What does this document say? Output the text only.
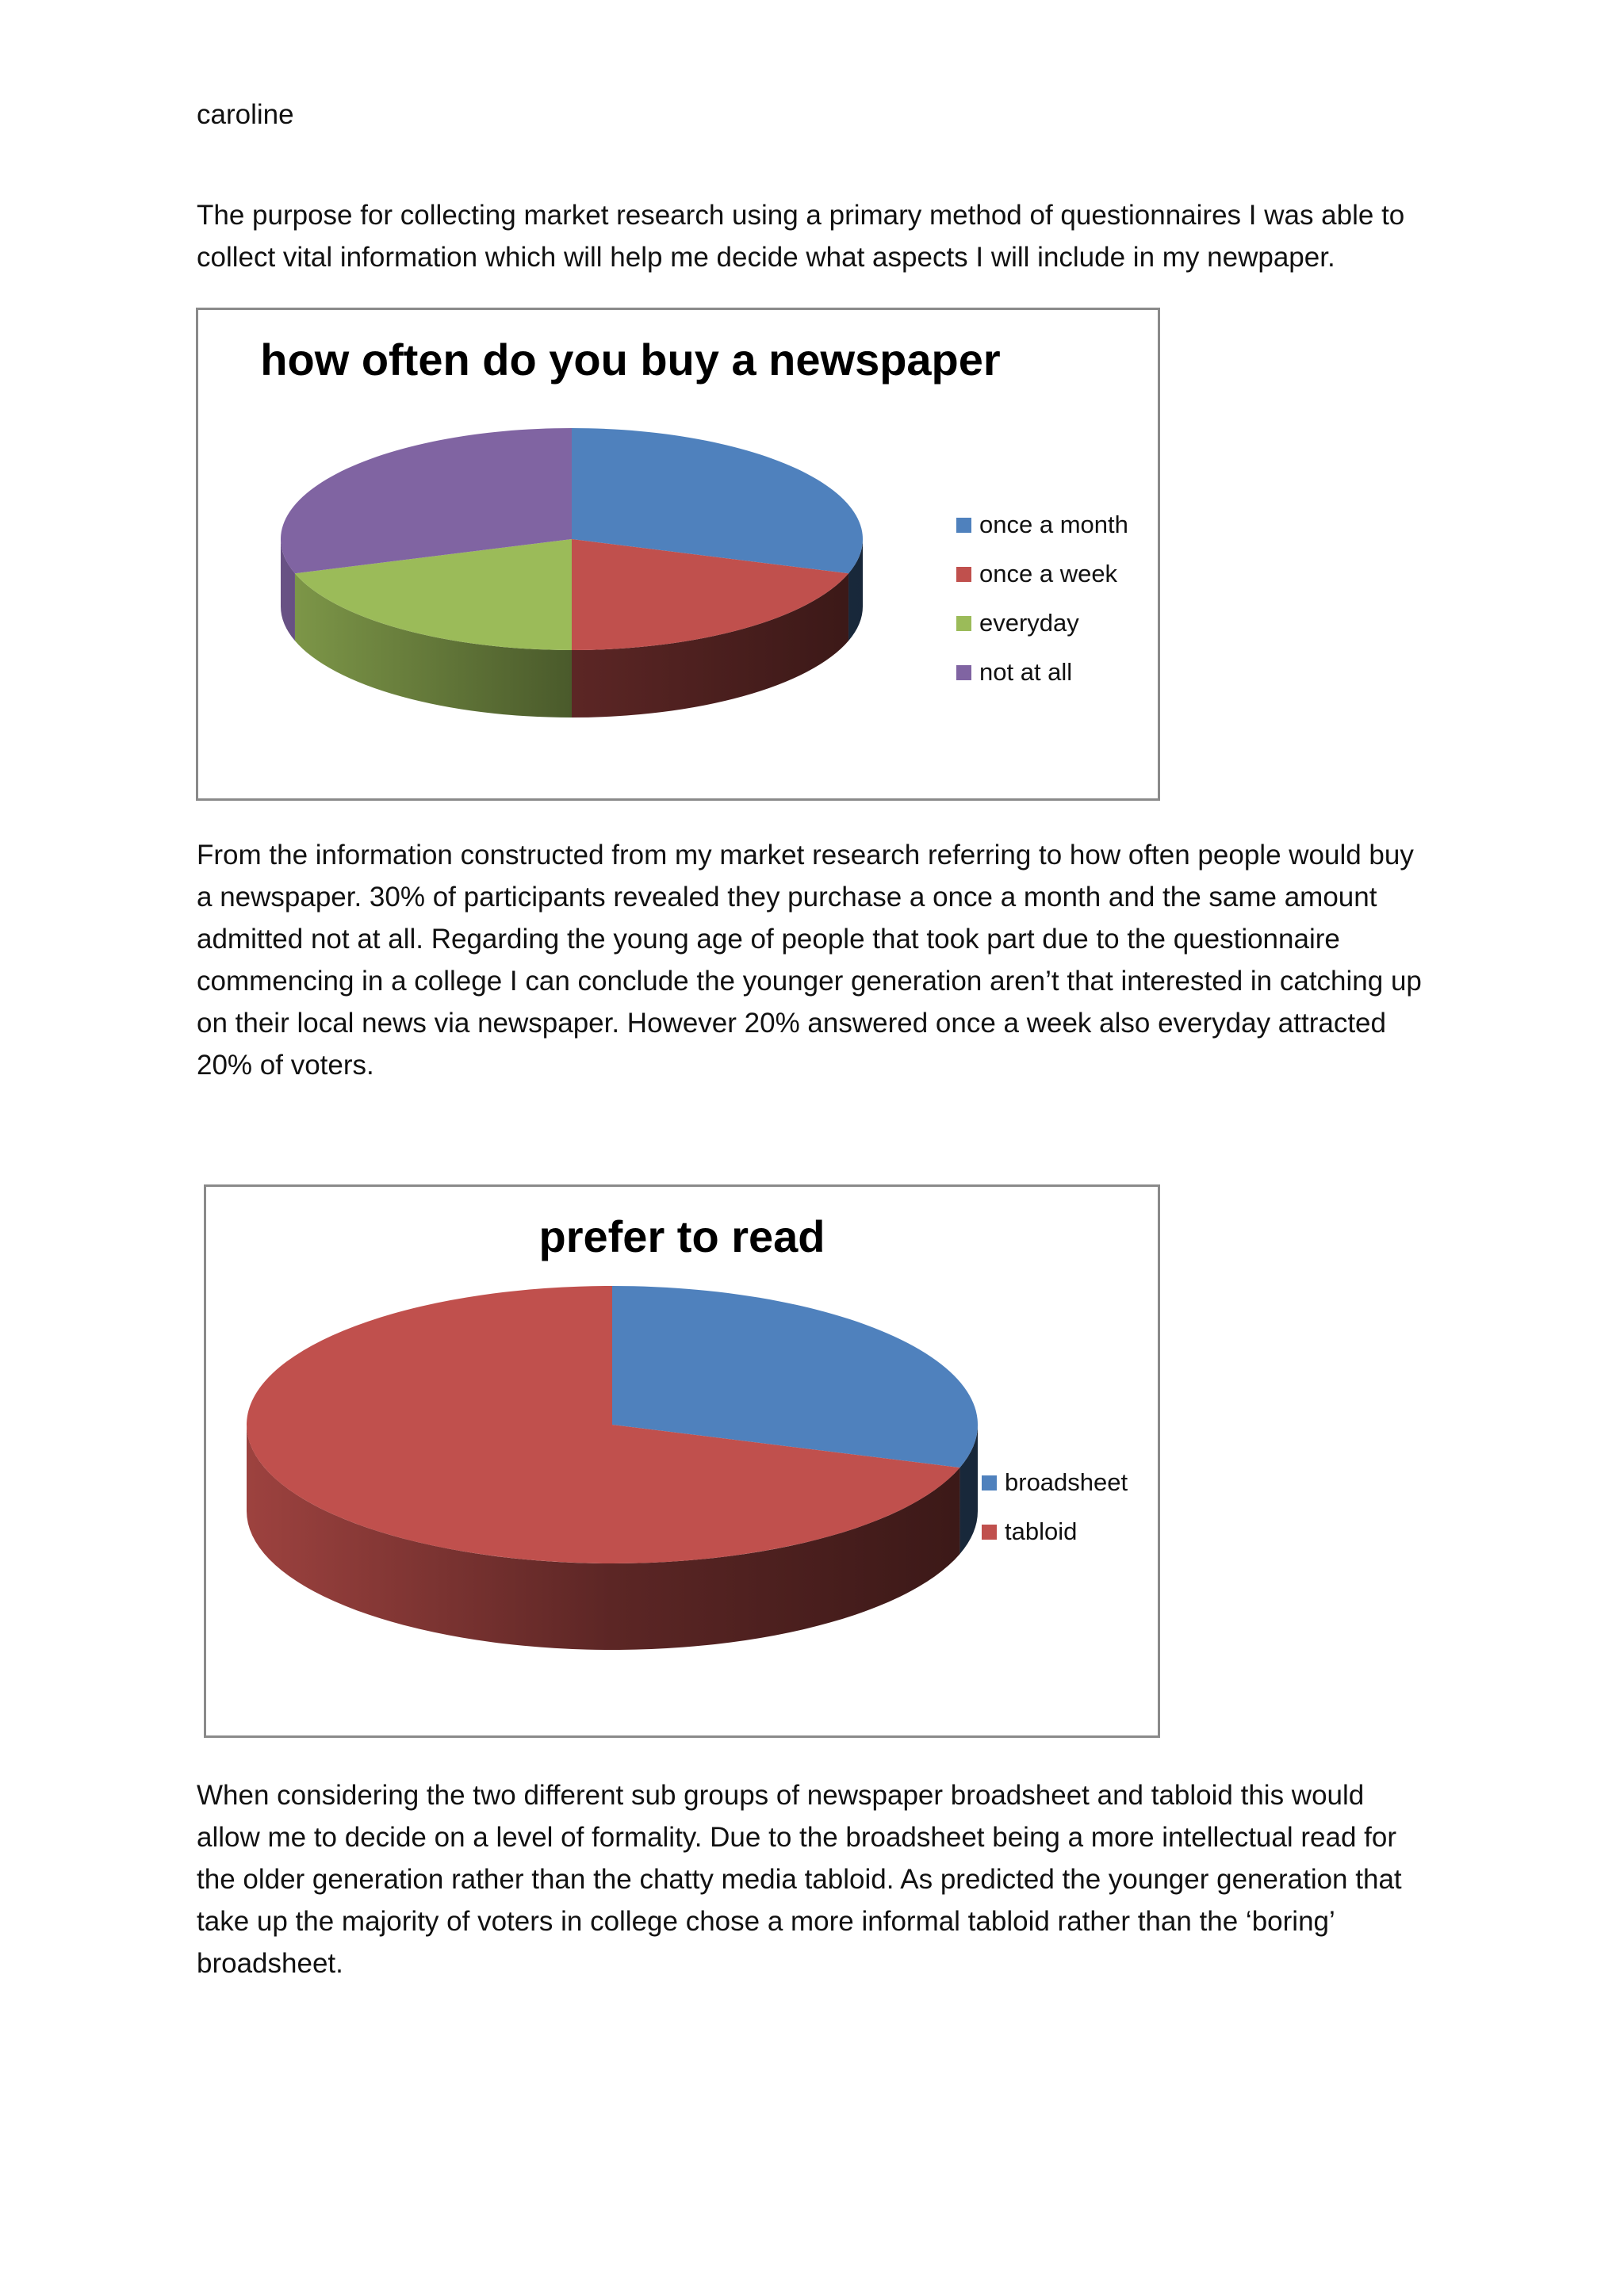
caroline

The purpose for collecting market research using a primary method of questionnaires I was able to collect vital information which will help me decide what aspects I will include in my newpaper.

how often do you buy a newspaper
once a month
once a week
everyday
not at all

From the information constructed from my market research referring to how often people would buy a newspaper. 30% of participants revealed they purchase a once a month and the same amount admitted not at all. Regarding the young age of people that took part due to the questionnaire commencing in a college I can conclude the younger generation aren’t that interested in catching up on their local news via newspaper. However 20% answered once a week also everyday attracted 20% of voters.

prefer to read
broadsheet
tabloid

When considering the two different sub groups of newspaper broadsheet and tabloid this would allow me to decide on a level of formality. Due to the broadsheet being a more intellectual read for the older generation rather than the chatty media tabloid. As predicted the younger generation that take up the majority of voters in college chose a more informal tabloid rather than the ‘boring’ broadsheet.
